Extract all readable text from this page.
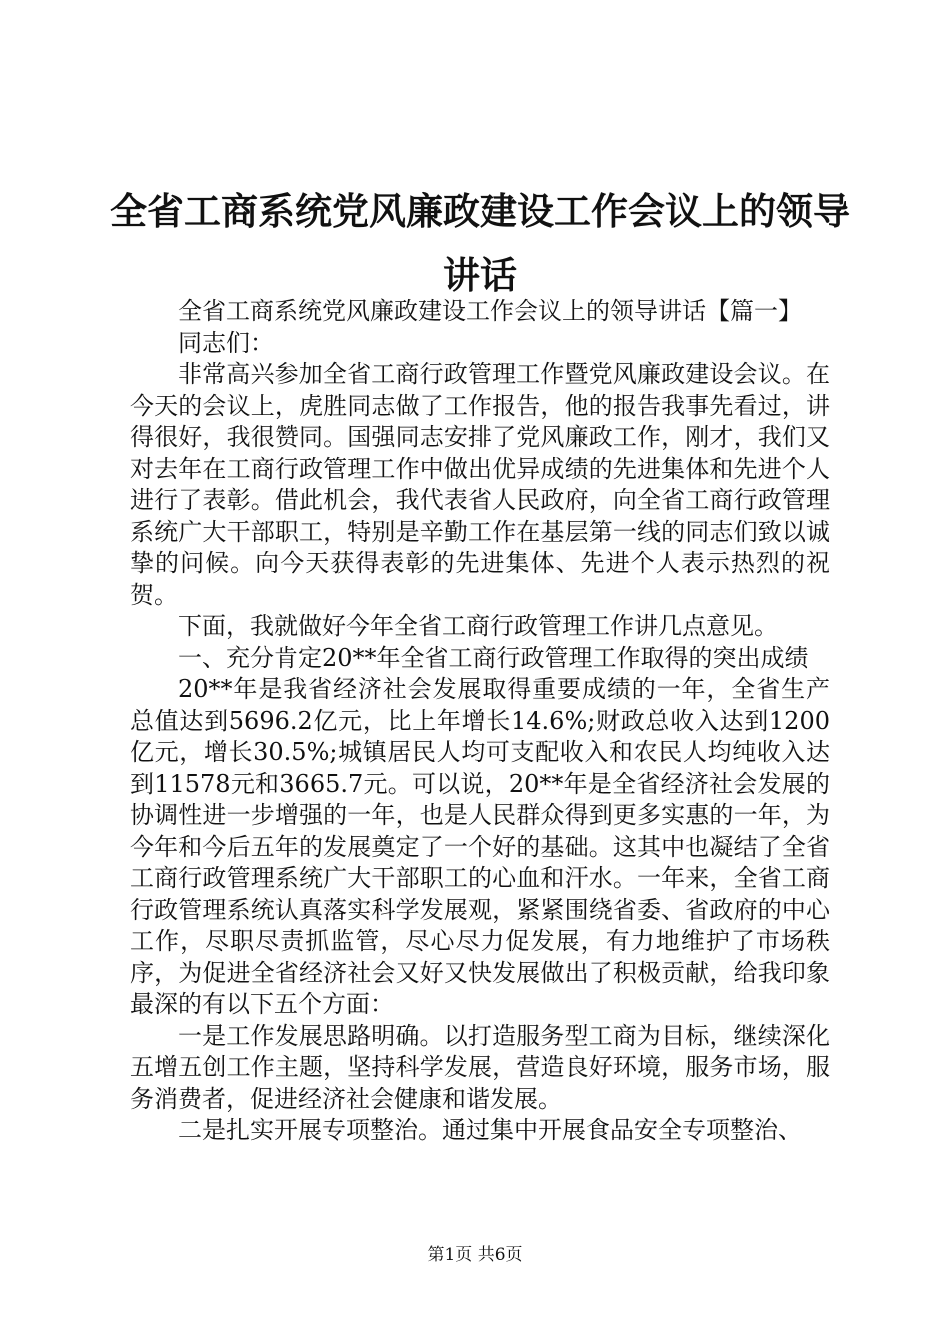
全省工商系统党风廉政建设工作会议上的领导
讲话

全省工商系统党风廉政建设工作会议上的领导讲话【篇一】

同志们：

非常高兴参加全省工商行政管理工作暨党风廉政建设会议。在今天的会议上，虎胜同志做了工作报告，他的报告我事先看过，讲得很好，我很赞同。国强同志安排了党风廉政工作，刚才，我们又对去年在工商行政管理工作中做出优异成绩的先进集体和先进个人进行了表彰。借此机会，我代表省人民政府，向全省工商行政管理系统广大干部职工，特别是辛勤工作在基层第一线的同志们致以诚挚的问候。向今天获得表彰的先进集体、先进个人表示热烈的祝贺。

下面，我就做好今年全省工商行政管理工作讲几点意见。

一、充分肯定20**年全省工商行政管理工作取得的突出成绩

20**年是我省经济社会发展取得重要成绩的一年，全省生产总值达到5696.2亿元，比上年增长14.6%;财政总收入达到1200亿元，增长30.5%;城镇居民人均可支配收入和农民人均纯收入达到11578元和3665.7元。可以说，20**年是全省经济社会发展的协调性进一步增强的一年，也是人民群众得到更多实惠的一年，为今年和今后五年的发展奠定了一个好的基础。这其中也凝结了全省工商行政管理系统广大干部职工的心血和汗水。一年来，全省工商行政管理系统认真落实科学发展观，紧紧围绕省委、省政府的中心工作，尽职尽责抓监管，尽心尽力促发展，有力地维护了市场秩序，为促进全省经济社会又好又快发展做出了积极贡献，给我印象最深的有以下五个方面：

一是工作发展思路明确。以打造服务型工商为目标，继续深化五增五创工作主题，坚持科学发展，营造良好环境，服务市场，服务消费者，促进经济社会健康和谐发展。

二是扎实开展专项整治。通过集中开展食品安全专项整治、

第1页 共6页
